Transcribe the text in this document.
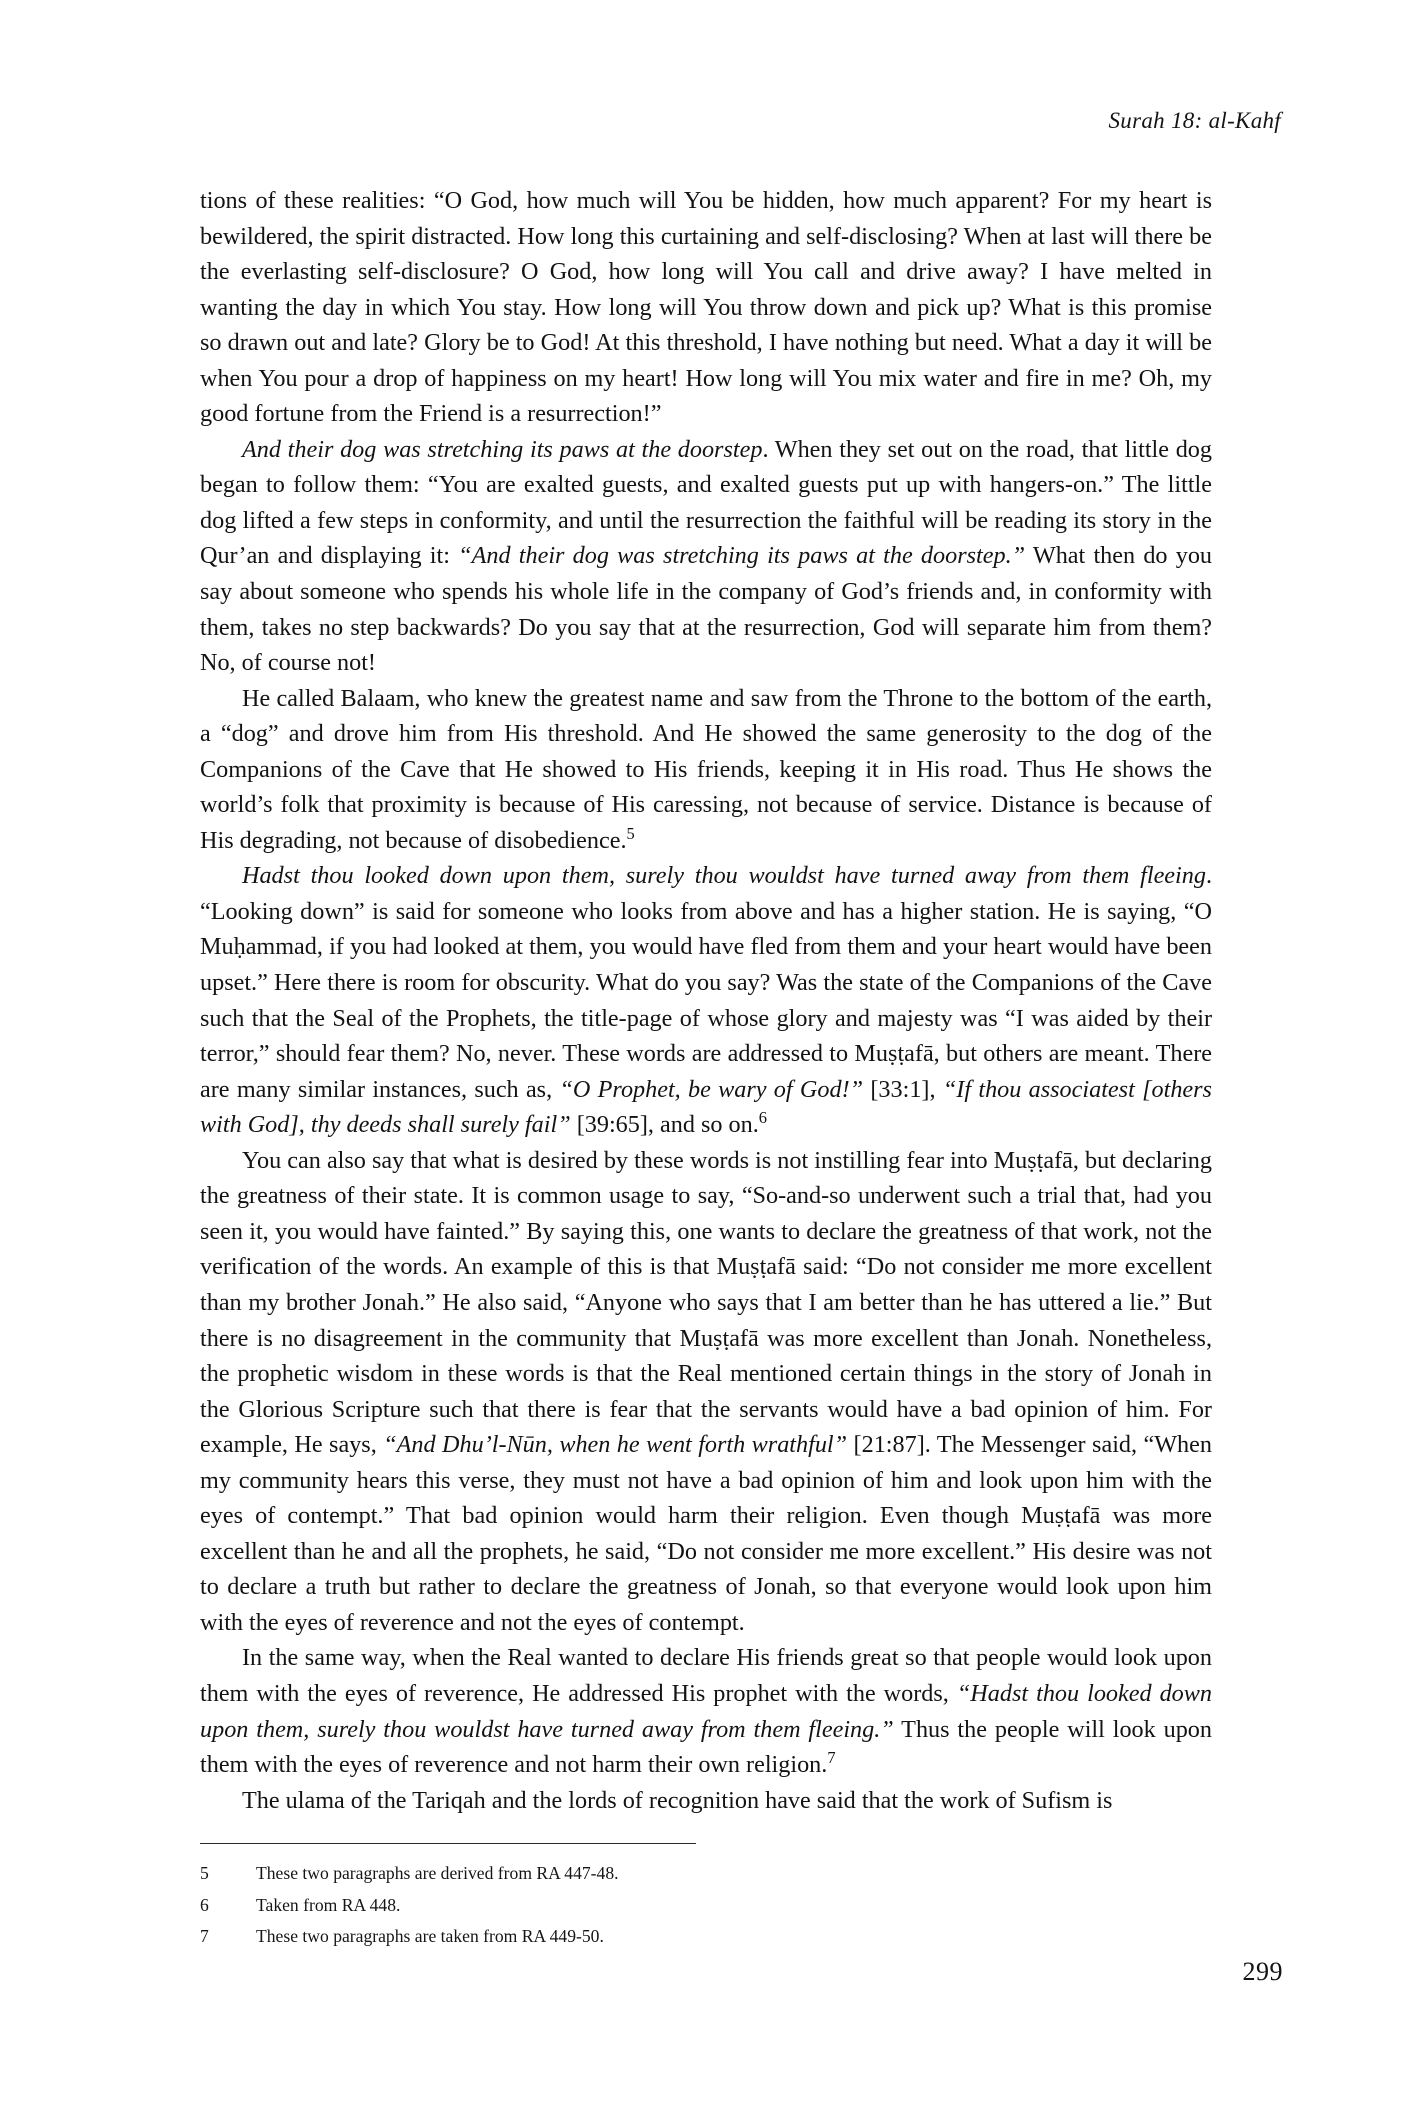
Surah 18: al-Kahf

tions of these realities: “O God, how much will You be hidden, how much apparent? For my heart is bewildered, the spirit distracted. How long this curtaining and self-disclosing? When at last will there be the everlasting self-disclosure? O God, how long will You call and drive away? I have melted in wanting the day in which You stay. How long will You throw down and pick up? What is this promise so drawn out and late? Glory be to God! At this threshold, I have nothing but need. What a day it will be when You pour a drop of happiness on my heart! How long will You mix water and fire in me? Oh, my good fortune from the Friend is a resurrection!”

And their dog was stretching its paws at the doorstep. When they set out on the road, that little dog began to follow them: “You are exalted guests, and exalted guests put up with hangers-on.” The little dog lifted a few steps in conformity, and until the resurrection the faithful will be reading its story in the Qur’an and displaying it: “And their dog was stretching its paws at the doorstep.” What then do you say about someone who spends his whole life in the company of God’s friends and, in conformity with them, takes no step backwards? Do you say that at the resurrection, God will separate him from them? No, of course not!

He called Balaam, who knew the greatest name and saw from the Throne to the bottom of the earth, a “dog” and drove him from His threshold. And He showed the same generosity to the dog of the Companions of the Cave that He showed to His friends, keeping it in His road. Thus He shows the world’s folk that proximity is because of His caressing, not because of service. Distance is because of His degrading, not because of disobedience.$^5$

Hadst thou looked down upon them, surely thou wouldst have turned away from them fleeing. “Looking down” is said for someone who looks from above and has a higher station. He is saying, “O Muḥammad, if you had looked at them, you would have fled from them and your heart would have been upset.” Here there is room for obscurity. What do you say? Was the state of the Companions of the Cave such that the Seal of the Prophets, the title-page of whose glory and majesty was “I was aided by their terror,” should fear them? No, never. These words are addressed to Muṣṭafā, but others are meant. There are many similar instances, such as, “O Prophet, be wary of God!” [33:1], “If thou associatest [others with God], thy deeds shall surely fail” [39:65], and so on.$^6$

You can also say that what is desired by these words is not instilling fear into Muṣṭafā, but declaring the greatness of their state. It is common usage to say, “So-and-so underwent such a trial that, had you seen it, you would have fainted.” By saying this, one wants to declare the greatness of that work, not the verification of the words. An example of this is that Muṣṭafā said: “Do not consider me more excellent than my brother Jonah.” He also said, “Anyone who says that I am better than he has uttered a lie.” But there is no disagreement in the community that Muṣṭafā was more excellent than Jonah. Nonetheless, the prophetic wisdom in these words is that the Real mentioned certain things in the story of Jonah in the Glorious Scripture such that there is fear that the servants would have a bad opinion of him. For example, He says, “And Dhu’l-Nūn, when he went forth wrathful” [21:87]. The Messenger said, “When my community hears this verse, they must not have a bad opinion of him and look upon him with the eyes of contempt.” That bad opinion would harm their religion. Even though Muṣṭafā was more excellent than he and all the prophets, he said, “Do not consider me more excellent.” His desire was not to declare a truth but rather to declare the greatness of Jonah, so that everyone would look upon him with the eyes of reverence and not the eyes of contempt.

In the same way, when the Real wanted to declare His friends great so that people would look upon them with the eyes of reverence, He addressed His prophet with the words, “Hadst thou looked down upon them, surely thou wouldst have turned away from them fleeing.” Thus the people will look upon them with the eyes of reverence and not harm their own religion.$^7$

The ulama of the Tariqah and the lords of recognition have said that the work of Sufism is

5	These two paragraphs are derived from RA 447-48.
6	Taken from RA 448.
7	These two paragraphs are taken from RA 449-50.
299
